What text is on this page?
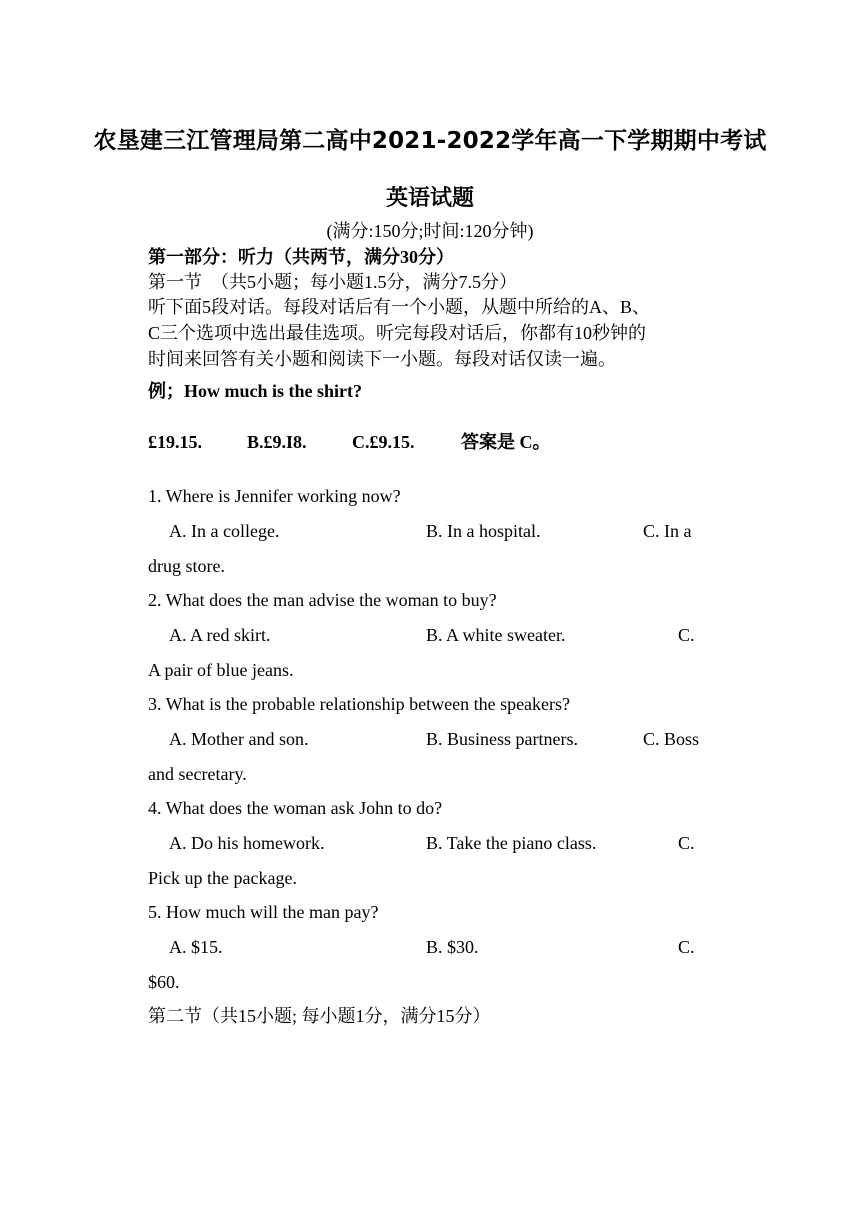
农垦建三江管理局第二高中2021-2022学年高一下学期期中考试
英语试题
(满分:150分;时间:120分钟)
第一部分：听力（共两节，满分30分）
第一节　（共5小题；每小题1.5分，满分7.5分）
听下面5段对话。每段对话后有一个小题，从题中所给的A、B、
C三个选项中选出最佳选项。听完每段对话后，你都有10秒钟的
时间来回答有关小题和阅读下一小题。每段对话仅读一遍。
例；How much is the shirt?
£19.15.	B.£9.I8.	C.£9.15.	答案是 C。
1. Where is Jennifer working now?
A. In a college.	B. In a hospital.	C. In a
drug store.
2. What does the man advise the woman to buy?
A. A red skirt.	B. A white sweater.	C.
A pair of blue jeans.
3. What is the probable relationship between the speakers?
A. Mother and son.	B. Business partners.	C. Boss
and secretary.
4. What does the woman ask John to do?
A. Do his homework.	B. Take the piano class.	C.
Pick up the package.
5. How much will the man pay?
A. $15.	B. $30.	C.
$60.
第二节（共15小题; 每小题1分，满分15分）
